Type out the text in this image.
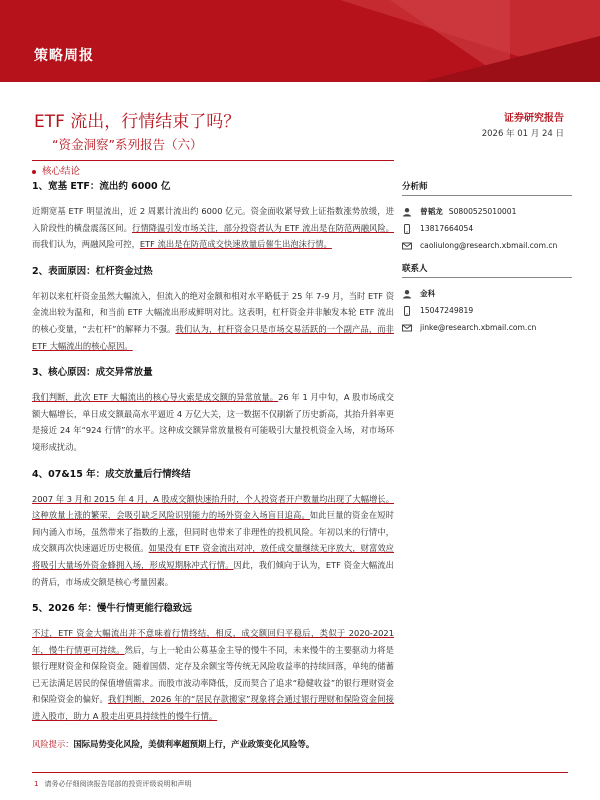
策略周报
ETF 流出，行情结束了吗？
“资金洞察”系列报告（六）
证券研究报告
2026 年 01 月 24 日
核心结论
1、宽基 ETF：流出约 6000 亿

近期宽基 ETF 明显流出，近 2 周累计流出约 6000 亿元。资金面收紧导致上证指数涨势放缓，进入阶段性的横盘震荡区间。行情降温引发市场关注，部分投资者认为 ETF 流出是在防范两融风险。而我们认为，两融风险可控，ETF 流出是在防范成交快速放量后催生出泡沫行情。

2、表面原因：杠杆资金过热

年初以来杠杆资金虽然大幅流入，但流入的绝对金额和相对水平略低于 25 年 7-9 月，当时 ETF 资金流出较为温和，和当前 ETF 大幅流出形成鲜明对比。这表明，杠杆资金并非触发本轮 ETF 流出的核心变量，“去杠杆”的解释力不强。我们认为，杠杆资金只是市场交易活跃的一个副产品，而非 ETF 大幅流出的核心原因。

3、核心原因：成交异常放量

我们判断，此次 ETF 大幅流出的核心导火索是成交额的异常放量。26 年 1 月中旬，A 股市场成交额大幅增长，单日成交额最高水平逼近 4 万亿大关，这一数据不仅刷新了历史新高，其抬升斜率更是接近 24 年“924 行情”的水平。这种成交额异常放量极有可能吸引大量投机资金入场，对市场环境形成扰动。

4、07&15 年：成交放量后行情终结

2007 年 3 月和 2015 年 4 月，A 股成交额快速抬升时，个人投资者开户数量均出现了大幅增长。这种放量上涨的繁荣，会吸引缺乏风险识别能力的场外资金入场盲目追高。如此巨量的资金在短时间内涌入市场，虽然带来了指数的上涨，但同时也带来了非理性的投机风险。年初以来的行情中，成交额再次快速逼近历史极值。如果没有 ETF 资金流出对冲，放任成交量继续无序放大，财富效应将吸引大量场外资金蜂拥入场，形成短期脉冲式行情。因此，我们倾向于认为，ETF 资金大幅流出的背后，市场成交额是核心考量因素。

5、2026 年：慢牛行情更能行稳致远

不过，ETF 资金大幅流出并不意味着行情终结，相反，成交额回归平稳后，类似于 2020-2021 年，慢牛行情更可持续。然后，与上一轮由公募基金主导的慢牛不同，未来慢牛的主要驱动力将是银行理财资金和保险资金。随着国债、定存及余额宝等传统无风险收益率的持续回落，单纯的储蓄已无法满足居民的保值增值需求。而股市波动率降低，反而契合了追求“稳健收益”的银行理财资金和保险资金的偏好。我们判断，2026 年的“居民存款搬家”现象将会通过银行理财和保险资金间接进入股市，助力 A 股走出更具持续性的慢牛行情。

风险提示：国际局势变化风险，美债利率超预期上行，产业政策变化风险等。

分析师
曾韬龙 S0800525010001
13817664054
caoliulong@research.xbmail.com.cn
联系人
金科
15047249819
jinke@research.xbmail.com.cn
1 请务必仔细阅读报告尾部的投资评级说明和声明
